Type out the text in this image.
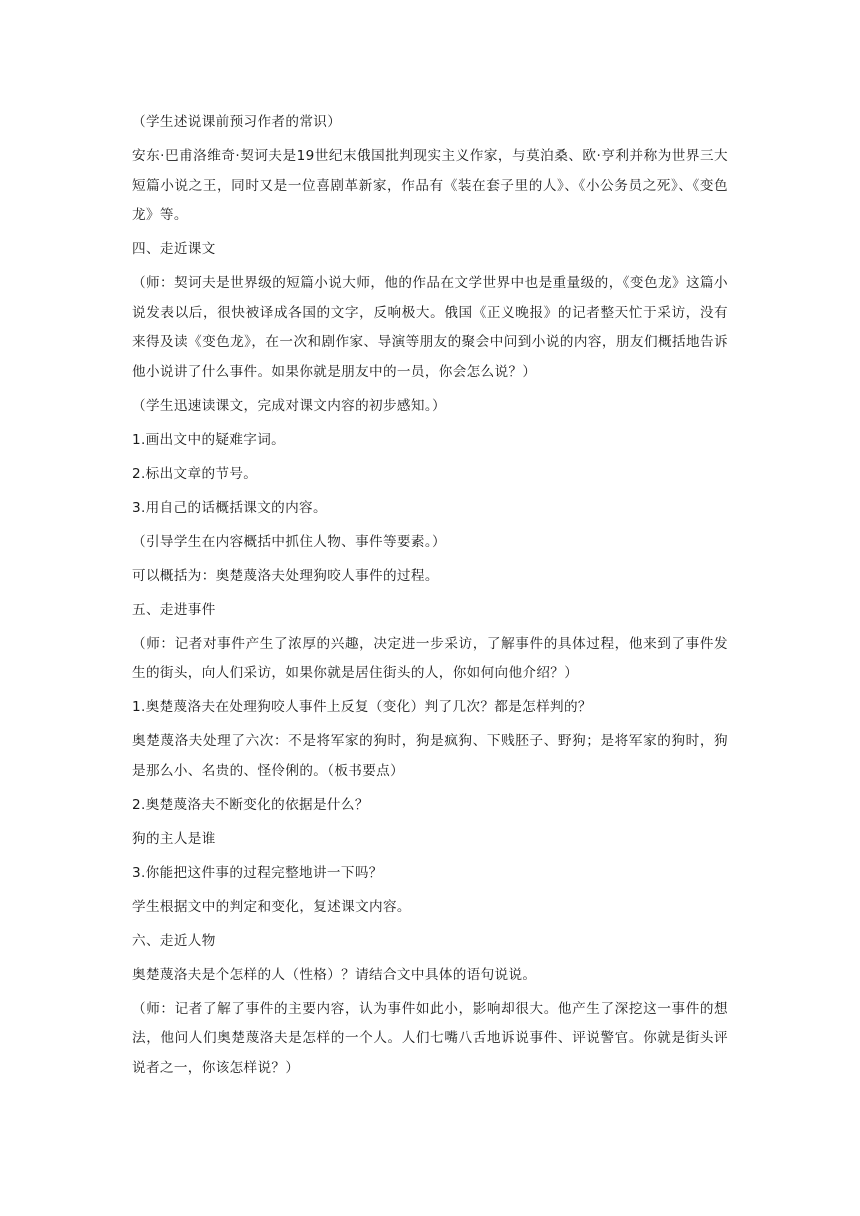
（学生述说课前预习作者的常识）

安东·巴甫洛维奇·契诃夫是19世纪末俄国批判现实主义作家，与莫泊桑、欧·亨利并称为世界三大短篇小说之王，同时又是一位喜剧革新家，作品有《装在套子里的人》、《小公务员之死》、《变色龙》等。

四、走近课文

（师：契诃夫是世界级的短篇小说大师，他的作品在文学世界中也是重量级的，《变色龙》这篇小说发表以后，很快被译成各国的文字，反响极大。俄国《正义晚报》的记者整天忙于采访，没有来得及读《变色龙》，在一次和剧作家、导演等朋友的聚会中问到小说的内容，朋友们概括地告诉他小说讲了什么事件。如果你就是朋友中的一员，你会怎么说？）

（学生迅速读课文，完成对课文内容的初步感知。）

1.画出文中的疑难字词。

2.标出文章的节号。

3.用自己的话概括课文的内容。

（引导学生在内容概括中抓住人物、事件等要素。）

可以概括为：奥楚蔑洛夫处理狗咬人事件的过程。

五、走进事件

（师：记者对事件产生了浓厚的兴趣，决定进一步采访，了解事件的具体过程，他来到了事件发生的街头，向人们采访，如果你就是居住街头的人，你如何向他介绍？）

1.奥楚蔑洛夫在处理狗咬人事件上反复（变化）判了几次？都是怎样判的？

奥楚蔑洛夫处理了六次：不是将军家的狗时，狗是疯狗、下贱胚子、野狗；是将军家的狗时，狗是那么小、名贵的、怪伶俐的。（板书要点）

2.奥楚蔑洛夫不断变化的依据是什么？

狗的主人是谁

3.你能把这件事的过程完整地讲一下吗？

学生根据文中的判定和变化，复述课文内容。

六、走近人物

奥楚蔑洛夫是个怎样的人（性格）？请结合文中具体的语句说说。

（师：记者了解了事件的主要内容，认为事件如此小，影响却很大。他产生了深挖这一事件的想法，他问人们奥楚蔑洛夫是怎样的一个人。人们七嘴八舌地诉说事件、评说警官。你就是街头评说者之一，你该怎样说？）
